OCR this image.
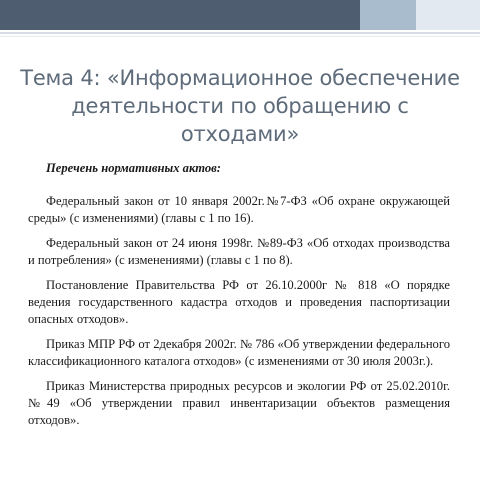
Тема 4: «Информационное обеспечение деятельности по обращению с отходами»

Перечень нормативных актов:

Федеральный закон от 10 января 2002г.№7-ФЗ «Об охране окружающей среды» (с изменениями) (главы с 1 по 16).

Федеральный закон от 24 июня 1998г. №89-ФЗ «Об отходах производства и потребления» (с изменениями) (главы с 1 по 8).

Постановление Правительства РФ от 26.10.2000г № 818 «О порядке ведения государственного кадастра отходов и проведения паспортизации опасных отходов».

Приказ МПР РФ от 2декабря 2002г. № 786 «Об утверждении федерального классификационного каталога отходов» (с изменениями от 30 июля 2003г.).

Приказ Министерства природных ресурсов и экологии РФ от 25.02.2010г. №49 «Об утверждении правил инвентаризации объектов размещения отходов».
